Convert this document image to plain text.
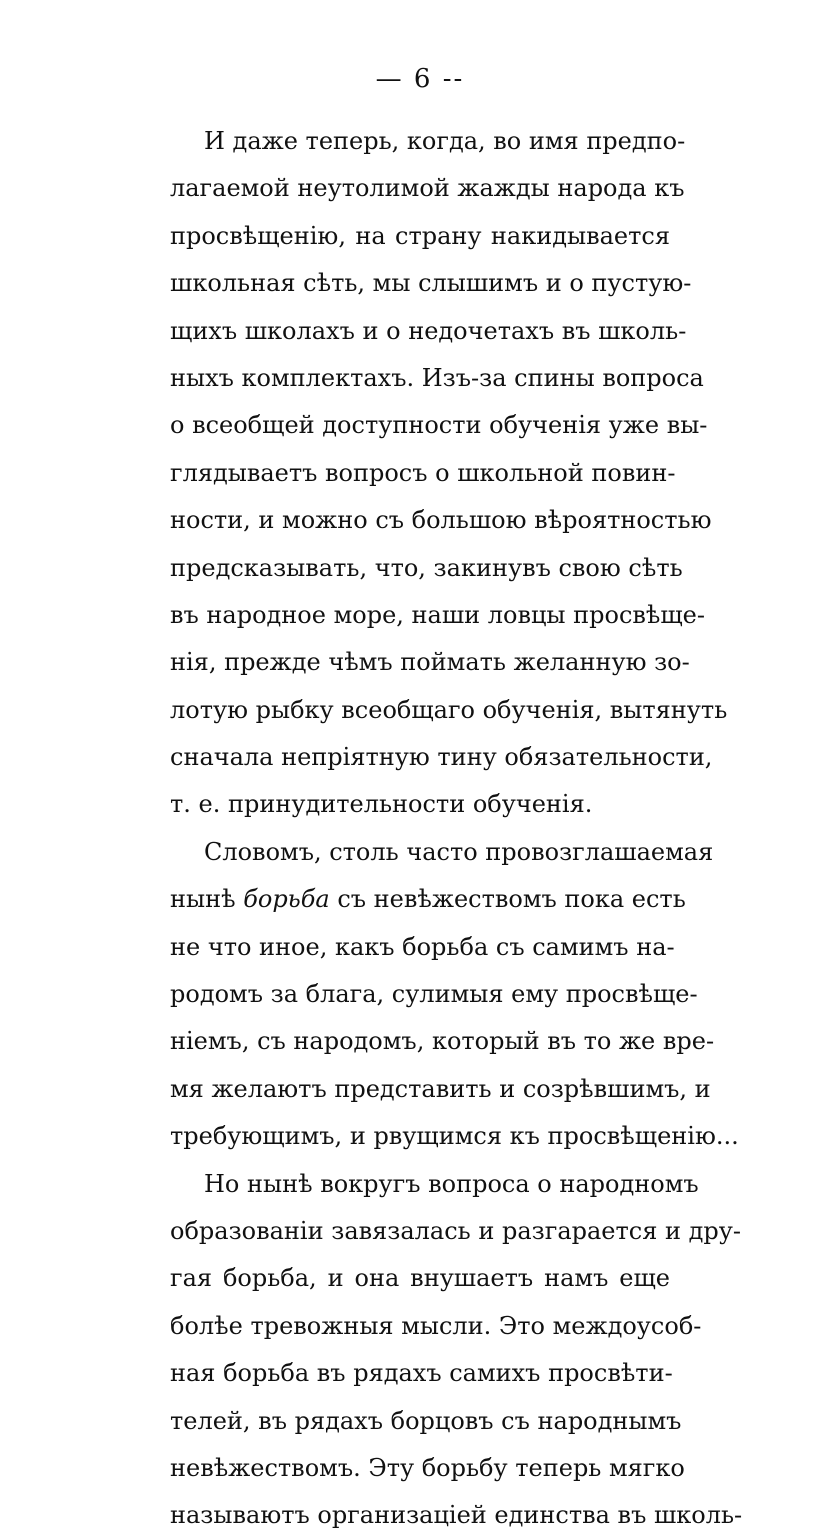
— 6 --
И даже теперь, когда, во имя предпо-
лагаемой неутолимой жажды народа къ
просвѣщенію, на страну накидывается
школьная сѣть, мы слышимъ и о пустую-
щихъ школахъ и о недочетахъ въ школь-
ныхъ комплектахъ. Изъ-за спины вопроса
о всеобщей доступности обученія уже вы-
глядываетъ вопросъ о школьной повин-
ности, и можно съ большою вѣроятностью
предсказывать, что, закинувъ свою сѣть
въ народное море, наши ловцы просвѣще-
нія, прежде чѣмъ поймать желанную зо-
лотую рыбку всеобщаго обученія, вытянуть
сначала непріятную тину обязательности,
т. е. принудительности обученія.
Словомъ, столь часто провозглашаемая
нынѣ борьба съ невѣжествомъ пока есть
не что иное, какъ борьба съ самимъ на-
родомъ за блага, сулимыя ему просвѣще-
ніемъ, съ народомъ, который въ то же вре-
мя желаютъ представить и созрѣвшимъ, и
требующимъ, и рвущимся къ просвѣщенію...
Но нынѣ вокругъ вопроса о народномъ
образованіи завязалась и разгарается и дру-
гая борьба, и она внушаетъ намъ еще
болѣе тревожныя мысли. Это междоусоб-
ная борьба въ рядахъ самихъ просвѣти-
телей, въ рядахъ борцовъ съ народнымъ
невѣжествомъ. Эту борьбу теперь мягко
называютъ организаціей единства въ школь-
